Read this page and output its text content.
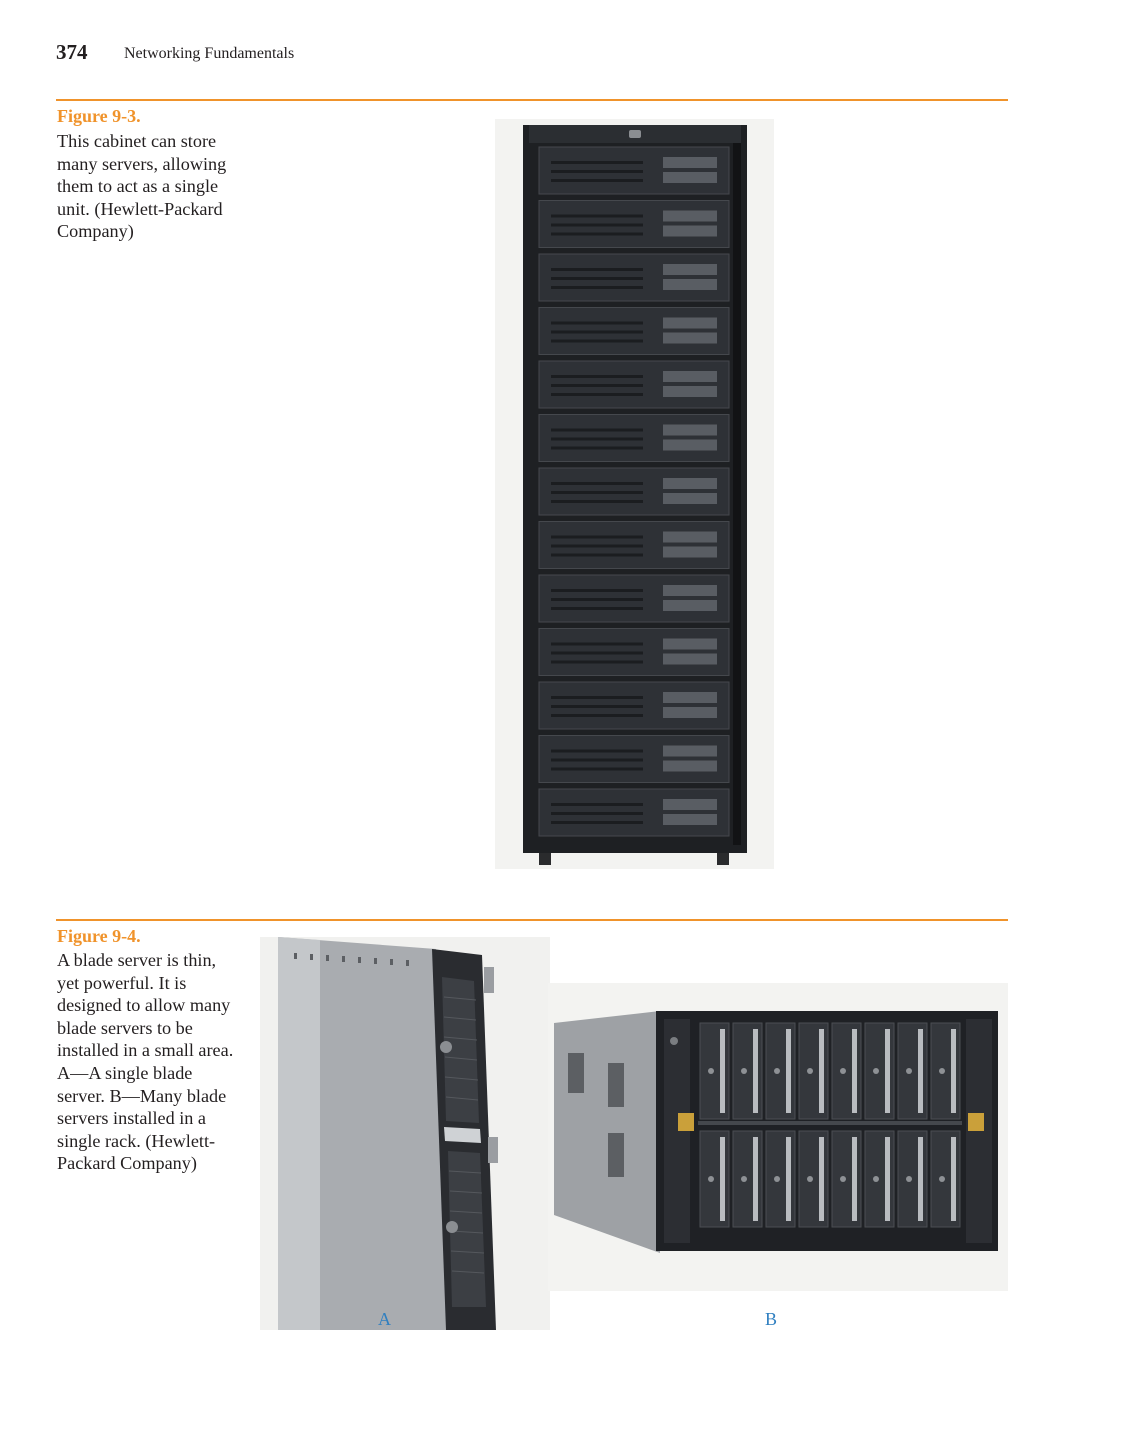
374 Networking Fundamentals
Figure 9-3.
This cabinet can store many servers, allowing them to act as a single unit. (Hewlett-Packard Company)
Figure 9-4.
A blade server is thin, yet powerful. It is designed to allow many blade servers to be installed in a small area. A—A single blade server. B—Many blade servers installed in a single rack. (Hewlett-Packard Company)
A	B
